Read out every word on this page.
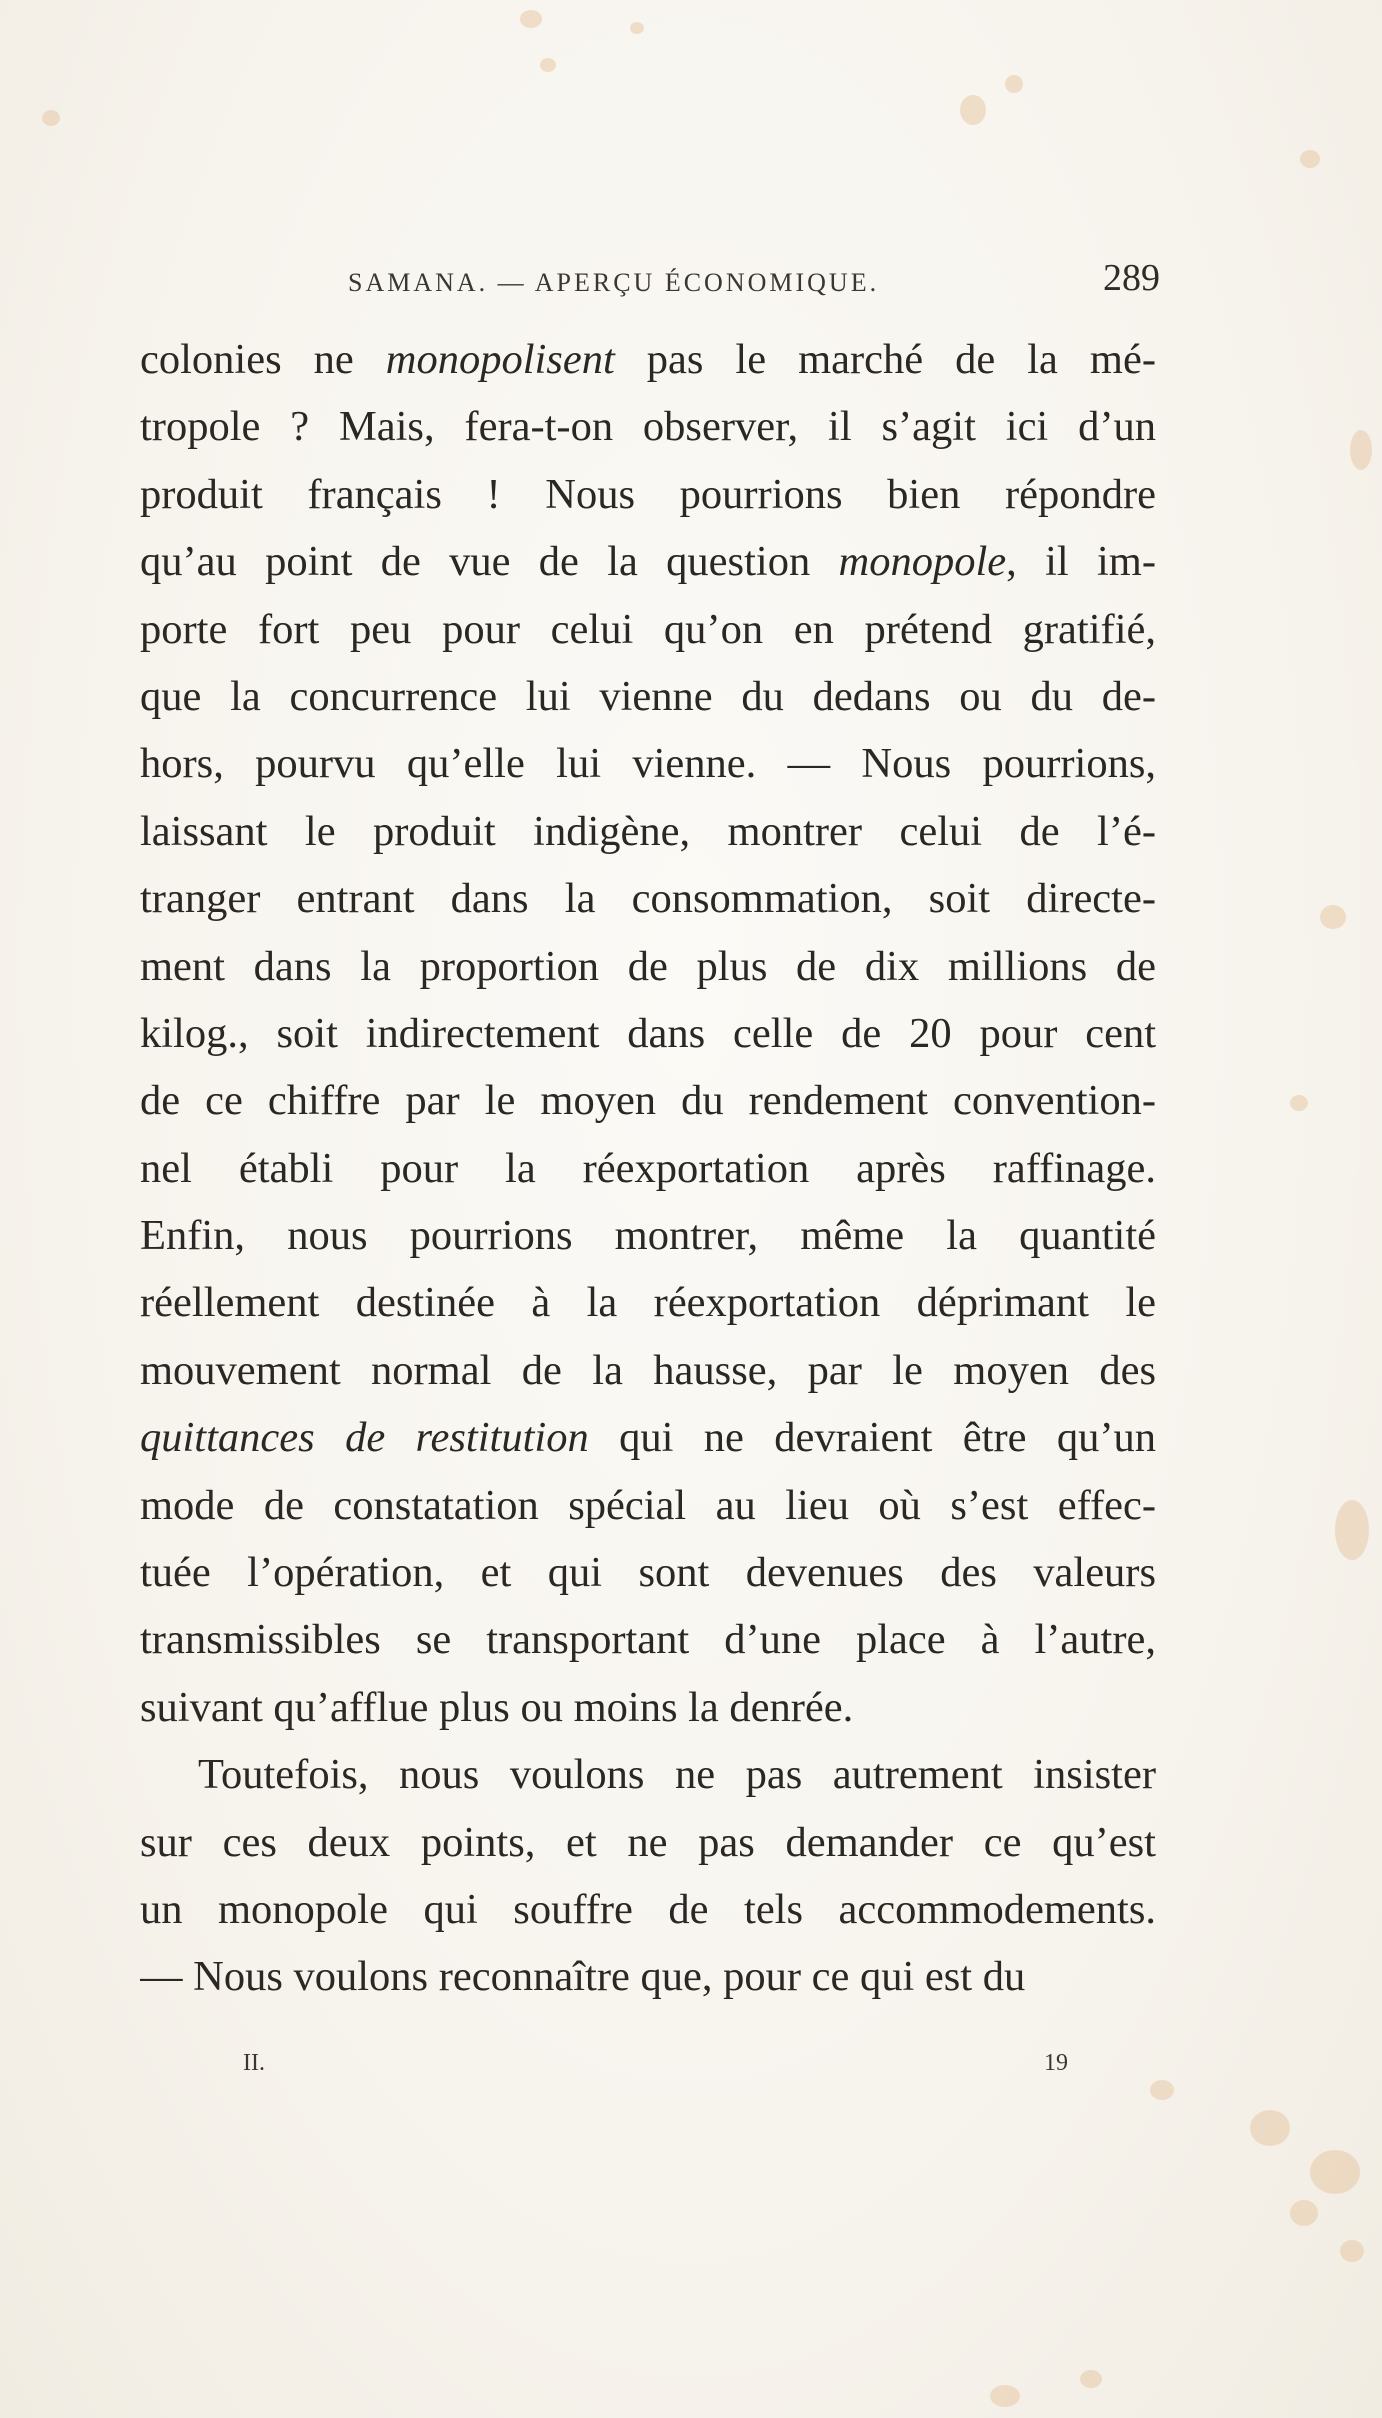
SAMANA. — APERÇU ÉCONOMIQUE.	289
colonies ne monopolisent pas le marché de la mé-
tropole ? Mais, fera-t-on observer, il s’agit ici d’un
produit français ! Nous pourrions bien répondre
qu’au point de vue de la question monopole, il im-
porte fort peu pour celui qu’on en prétend gratifié,
que la concurrence lui vienne du dedans ou du de-
hors, pourvu qu’elle lui vienne. — Nous pourrions,
laissant le produit indigène, montrer celui de l’é-
tranger entrant dans la consommation, soit directe-
ment dans la proportion de plus de dix millions de
kilog., soit indirectement dans celle de 20 pour cent
de ce chiffre par le moyen du rendement convention-
nel établi pour la réexportation après raffinage.
Enfin, nous pourrions montrer, même la quantité
réellement destinée à la réexportation déprimant le
mouvement normal de la hausse, par le moyen des
quittances de restitution qui ne devraient être qu’un
mode de constatation spécial au lieu où s’est effec-
tuée l’opération, et qui sont devenues des valeurs
transmissibles se transportant d’une place à l’autre,
suivant qu’afflue plus ou moins la denrée.
Toutefois, nous voulons ne pas autrement insister
sur ces deux points, et ne pas demander ce qu’est
un monopole qui souffre de tels accommodements.
— Nous voulons reconnaître que, pour ce qui est du
II.	19
